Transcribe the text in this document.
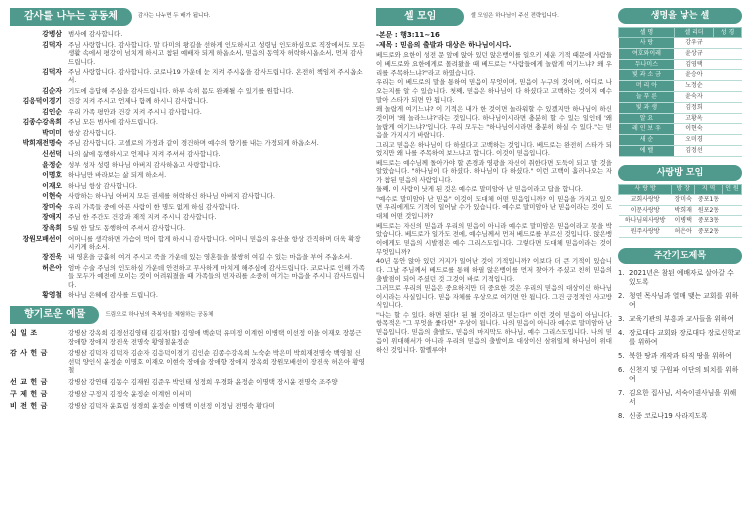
감사를 나누는 공동체	감사는 나누면 두 배가 됩니다.
강병삼 범사에 감사합니다.
김덕자 주님 사랑합니다. 감사합니다. 말 다미의 왕길을 선하게 인도하시고 성령님 인도하심으로 직장에서도 모든 생활 속에서 평강이 넘치게 하시고 참된 예배자 되게 하옵소서, 믿음의 동역자 허락하시옵소서, 먼저 감사드립니다.
김덕자 주님 사랑합니다. 감사합니다. 코로나19 가운데 눈 지켜 주시옴을 감사드립니다. 온전히 책임져 주시옵소서.
김순자 기도에 응답해 주심을 감사드립니다. 하루 속히 몸도 완쾌될 수 있기를 원합니다.
김응덕이경기 건강 지켜 주시고 언제나 함께 하시니 감사합니다.
김인순 우리 가족 평안과 건강 지켜 주시니 감사합니다.
김종수강옥희 주님 모든 범사에 감사드립니다.
박미미 항상 감사합니다.
박희재전명숙 주님 감사합니다. 고셀로의 가정과 같이 경건하며 예수의 향기를 내는 가정되게 하옵소서.
신선덕 나의 삶에 동행하시고 언제나 지켜 주셔서 감사합니다.
윤정순 성부 성자 성령 하나님 아버지 감사하옵고 사랑합니다.
이명호 하나님만 바라보는 삶 되게 하소서.
이재오 하나님 항상 감사합니다.
이현숙 사랑하는 하나님 아버지 모든 권세를 허락하신 하나님 아버지 감사합니다.
장미숙 우리 가족들 중에 아픈 사람이 한 명도 없게 하심 감사합니다.
장애지 주님 한 주간도 건강과 재적 지켜 주시니 감사합니다.
장옥희 5월 한 달도 동행하여 주셔서 감사합니다.
장원모배선이 어머니를 생각하면 가슴이 먹어 합게 하시니 감사합니다. 어머니 믿음의 유산을 항상 간직하며 더욱 확장시키게 하소서.
장진욱 내 영혼을 긍휼히 여겨 주시고 죽을 가운데 있는 영혼들을 불쌍히 여길 수 있는 마음을 부어 주옵소서.
허은아 엄마 수술 주님의 인도하심 가운데 안전하고 무사하게 마치게 해주심에 감사드립니다. 코로나로 인해 가족들 모두가 예전에 모이는 것이 어려워졌을 때 가족들의 빈자리를 소중히 여기는 마음을 주시니 감사드립니다.
황영철 하나님 은혜에 감사를 드립니다.
향기로운 예물	드림으로 하나님의 축복임을 체험하는 공동체
십 일 조	강병삼 강옥희 김경선김영태 김길자(할) 김영애 백순덕 유미정 이계헌 이병택 이선정 이을 이재오 장봉근 장애향 장애지 장진욱 전명숙 황영철윤정순
감 사 헌 금	강병삼 김덕자 김덕자 김순자 김응덕이경기 김인순 김종수강옥희 노숙순 박은미 박희재전명숙 백영철 신선덕 양인식 윤정순 이명호 이재오 이현숙 장애술 장애향 장애지 장옥희 장원모배선이 장진욱 허은아 황영철
선 교 헌 금	강병삼 강연태 김동수 김재원 김준우 박인태 성정희 우경화 윤정순 이명택 장시윤 전명숙 조주양
구 제 헌 금	강병삼 구정지 김정숙 윤정순 이계헌 이서미
비 전 헌 금	강병삼 김덕자 윤효림 성경희 윤정순 이병택 이선정 이정님 전명숙 황다미
셀 모임	셀 모임은 하나님이 주신 전략입니다.
-본문 : 행3:11~16
-제목 : 믿음의 출발과 대상은 하나님이시다.

베드로와 요한이 성전 문 앞에 앉아 있던 앉은뱅이를 일으키 세운 기적 때문에 사람들이 베드로와 요한에게로 몰려왔을 때 베드로는 "사람들에게 놀랍게 여기느냐? 왜 우리를 주목하느냐?"라고 하였습니다.

우리는 이 베드로의 말을 통하여 믿음이 무엇이며, 믿음이 누구의 것이며, 어디로 나오는지를 알 수 있습니다. 첫째, 믿음은 하나님이 다 하셨다고 고백하는 것이지 예수 말아 스타가 되면 안 됩니다.

왜 놀랍게 여기느냐? 이 기적은 내가 한 것이면 놀라워할 수 있겠지만 하나님이 하신 것이며 '왜 놀라느냐?'라는 것입니다. 하나님이시라면 충분히 할 수 있는 일인데 '왜 놀랍게 여기느냐?'입니다. 우리 모두는 "하나님이시라면 충분히 하실 수 있다."는 믿음을 가지시기 바랍니다.

그리고 믿음은 하나님이 다 하셨다고 고백하는 것입니다. 베드로는 완전히 스타가 되었지만 왜 나를 주목하여 보느냐고 합니다. 이것이 믿음입니다.

베드로는 예수님께 돌아가야 할 존경과 영광을 자신이 취한다면 도둑이 되고 말 것을 알았습니다. "하나님이 다 하셨다. 하나님이 다 하셨다." 이런 고백이 흘러나오는 자가 참된 믿음의 사람입니다.

둘째, 이 사람이 낫게 된 것은 예수로 말미암아 난 믿음이라고 답을 합니다.

"예수로 말미암아 난 믿음" 이것이 도대체 어떤 믿음입니까? 이 믿음을 가지고 있으면 우리에게도 기적이 일어날 수가 있습니다. 예수로 말미암아 난 믿음이라는 것이 도대체 어떤 것입니까?

베드로는 자신의 믿음과 우리의 믿음이 아니라 예수로 말미암은 믿음이라고 못을 박았습니다. 베드로가 일가도 전에, 예수님께서 먼저 베드로를 부르신 것입니다. 앉은뱅이에게도 믿음의 시발점은 예수 그리스도입니다. 그렇다면 도대체 믿음이라는 것이 무엇입니까?

40년 동안 앉아 있던 거지가 일어난 것이 기적입니까? 이보다 더 큰 기적이 있습니다. 그날 주님께서 베드로를 통해 하필 앉은뱅이를 먼저 찾아가 주셨고 친히 믿음의 출발점이 되어 주셨던 것 그것이 바로 기적입니다.

그러므로 우리의 믿음은 중요하지만 더 중요한 것은 우리의 믿음의 대상이신 하나님 이시라는 사실입니다. 믿음 자체를 우상으로 여기면 안 됩니다. 그건 긍정적인 사고방식입니다.

"나는 할 수 있다. 하면 된다! 된 될 것이라고 믿는다!" 이런 것이 믿음이 아닙니다. 항목적은 "그 무엇을 좇다면" 우상이 됩니다. 나의 믿음이 아니라 예수로 말미암아 난 믿음입니다. 믿음의 출발도, 믿음의 마지막도 하나님, 예수 그리스도입니다. 나의 믿음이 위대해서가 아니라 우리의 믿음의 출발이요 대상이신 삼위일체 하나님이 위대하신 것입니다. 할렐루야!

생명을 낳는 셀
셀 명	셀 리더	성 경
사 랑	강우규	
여호와이레	윤상규	
두나미스	김영택	
빛 과 소 금	윤승아	
머 리 아	노정순	
늘 푸 른	윤숙자	
빛 과 생	김정희	
알 요	고황옥	
레 인 보 우	이현숙	
새 순	오미경	
에 벨	김정선	
사랑방 모임
사 랑 방	방 장	지 역	인 원
교회사랑방	장미숙	중포1동	
이문사랑방	박희재	원포2동	
하나님의사랑방	이병택	중포3동	
원주사랑방	허은아	중포2동	
주간기도제목
1. 2021년은 참된 예배자로 살아갈 수 있도록
2. 청연 목사님과 열매 맺는 교회를 위하여
3. 교육기관의 부흥과 교사들을 위하여
4. 장로대다 교회와 장로대다 장로신학교를 위하여
5. 북한 땅과 캐작과 타직 땅을 위하여
6. 신천지 및 구원파 이단의 퇴치를 위하여
7. 김요한 집사님, 서숙이권사님을 위해서
8. 신종 코로나19 사라지도록
